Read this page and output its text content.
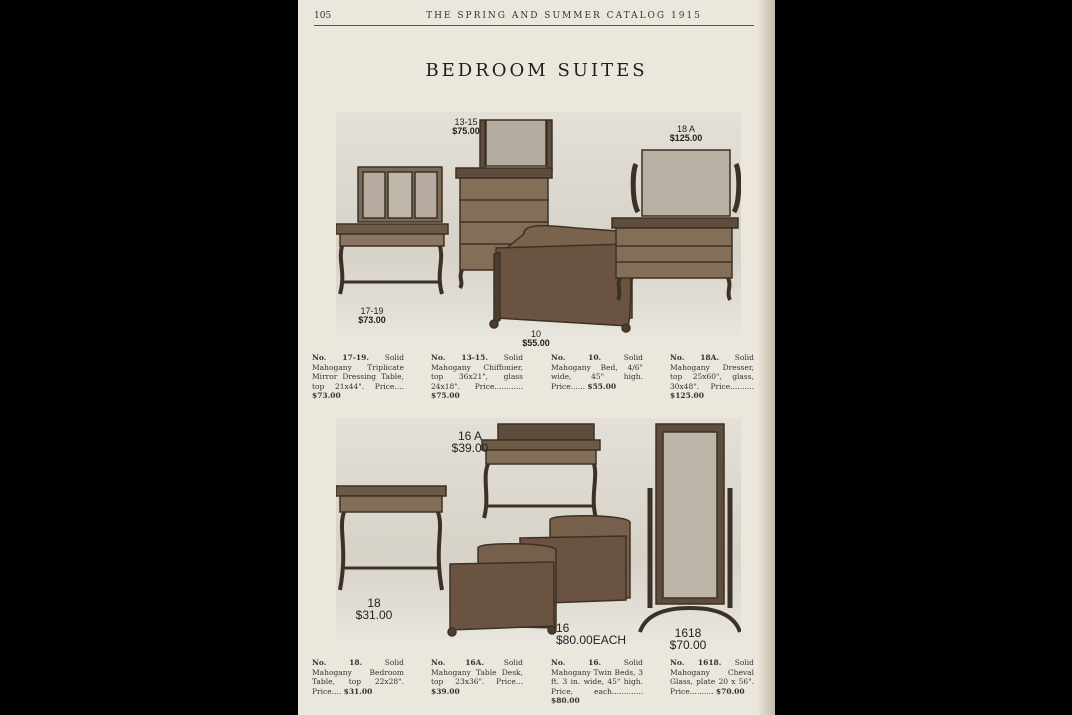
105	THE SPRING AND SUMMER CATALOG 1915
BEDROOM SUITES
17-19
$73.00
13-15
$75.00	18 A
$125.00
10
$55.00
No. 17-19. Solid Mahogany Triplicate Mirror Dressing Table, top 21x44". Price.... $73.00
No. 13-15. Solid Mahogany Chiffonier, top 36x21", glass 24x18". Price............ $75.00
No. 10.	Solid Mahogany Bed, 4/6" wide, 45" high. Price...... $55.00
No. 18A. Solid Mahogany Dresser, top 25x60", glass, 30x48". Price.......... $125.00
16 A
$39.00
18
$31.00
16
$80.00EACH	1618
$70.00
No. 18.	Solid Mahogany Bedroom Table, top 22x28". Price.... $31.00
No. 16A.	Solid Mahogany Table Desk, top 23x36". Price... $39.00
No. 16.	Solid Mahogany Twin Beds, 3 ft. 3 in. wide, 45" high. Price, each............. $80.00
No. 1618. Solid Mahogany Cheval Glass, plate 20 x 56". Price.......... $70.00
